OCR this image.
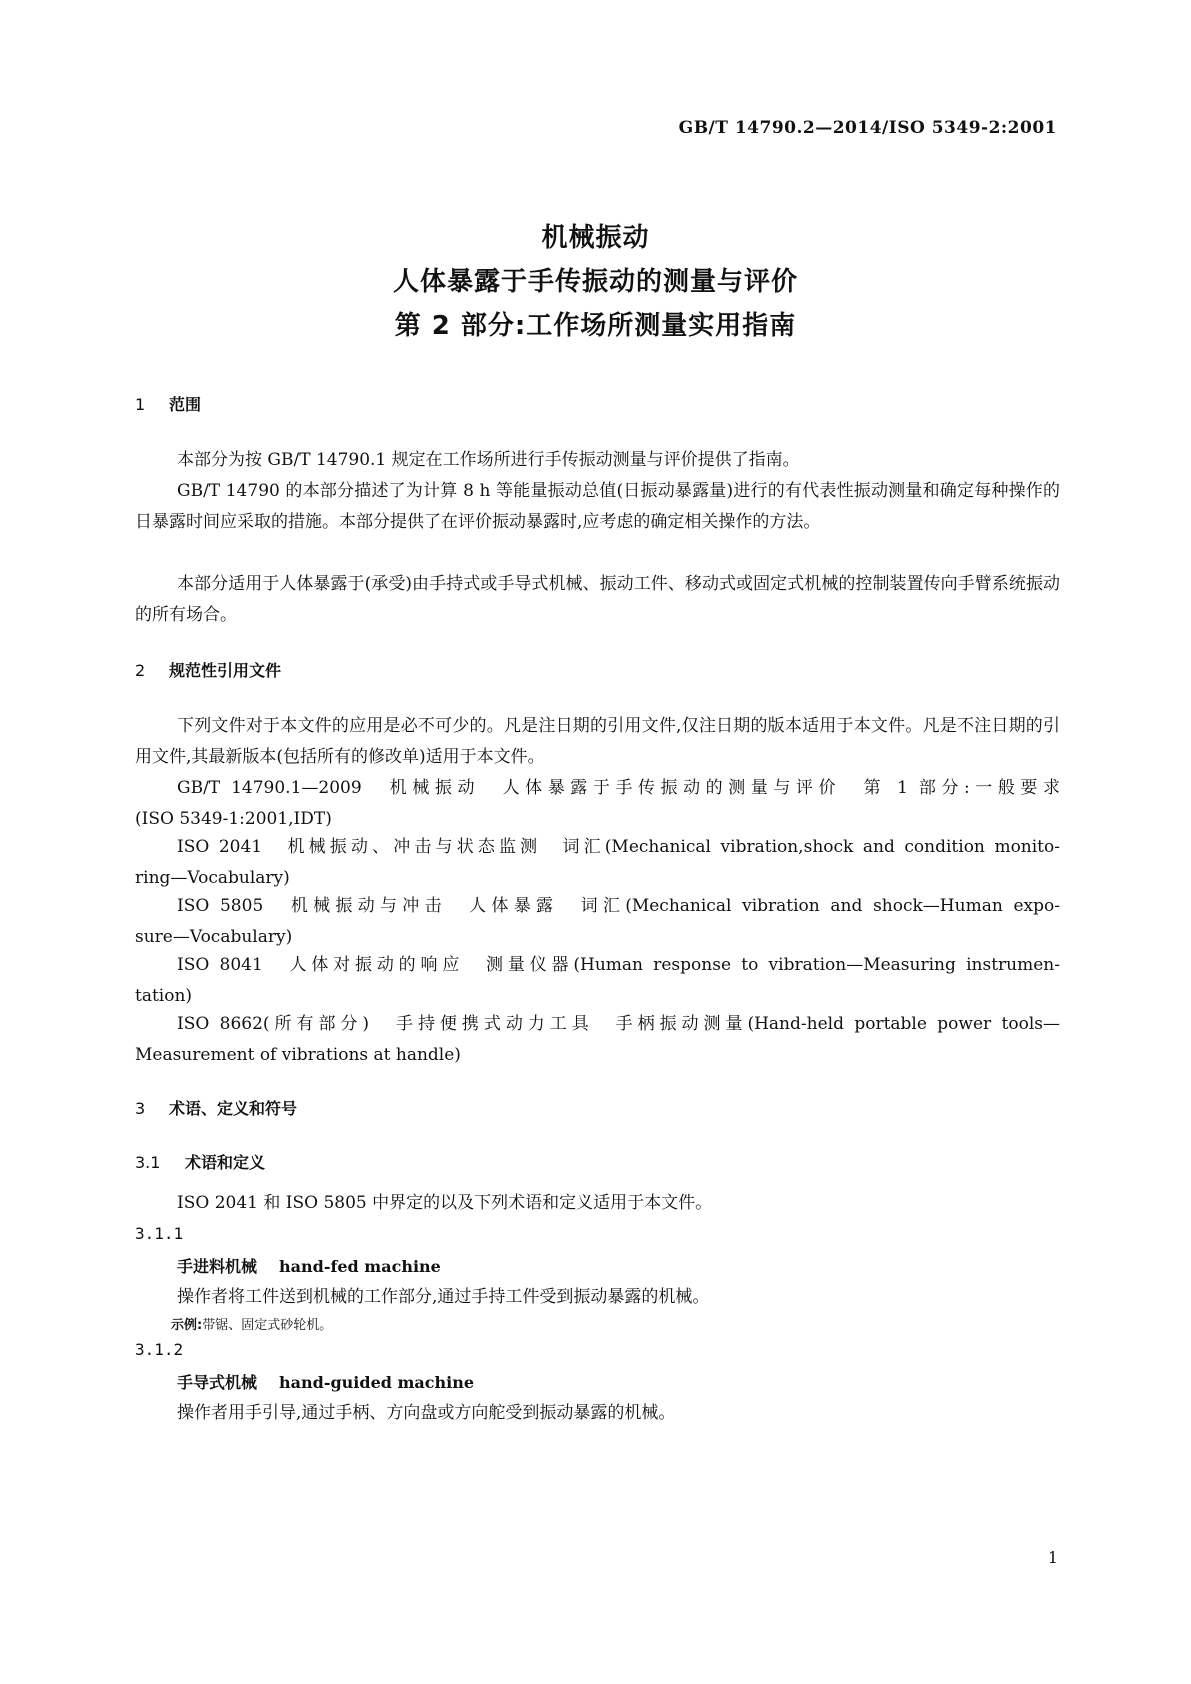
GB/T 14790.2—2014/ISO 5349-2:2001
机械振动
人体暴露于手传振动的测量与评价
第 2 部分:工作场所测量实用指南
1 范围

本部分为按 GB/T 14790.1 规定在工作场所进行手传振动测量与评价提供了指南。

GB/T 14790 的本部分描述了为计算 8 h 等能量振动总值(日振动暴露量)进行的有代表性振动测量和确定每种操作的日暴露时间应采取的措施。本部分提供了在评价振动暴露时,应考虑的确定相关操作的方法。

本部分适用于人体暴露于(承受)由手持式或手导式机械、振动工件、移动式或固定式机械的控制装置传向手臂系统振动的所有场合。

2 规范性引用文件

下列文件对于本文件的应用是必不可少的。凡是注日期的引用文件,仅注日期的版本适用于本文件。凡是不注日期的引用文件,其最新版本(包括所有的修改单)适用于本文件。

GB/T 14790.1—2009　机械振动　人体暴露于手传振动的测量与评价　第 1 部分:一般要求
(ISO 5349-1:2001,IDT)
ISO 2041　机械振动、冲击与状态监测　词汇(Mechanical vibration,shock and condition monito-
ring—Vocabulary)
ISO 5805　机械振动与冲击　人体暴露　词汇(Mechanical vibration and shock—Human expo-
sure—Vocabulary)
ISO 8041　人体对振动的响应　测量仪器(Human response to vibration—Measuring instrumen-
tation)
ISO 8662(所有部分)　手持便携式动力工具　手柄振动测量(Hand-held portable power tools—
Measurement of vibrations at handle)
3 术语、定义和符号
3.1 术语和定义

ISO 2041 和 ISO 5805 中界定的以及下列术语和定义适用于本文件。

3.1.1
手进料机械 hand-fed machine
操作者将工件送到机械的工作部分,通过手持工件受到振动暴露的机械。
示例:带锯、固定式砂轮机。
3.1.2
手导式机械 hand-guided machine
操作者用手引导,通过手柄、方向盘或方向舵受到振动暴露的机械。
1
